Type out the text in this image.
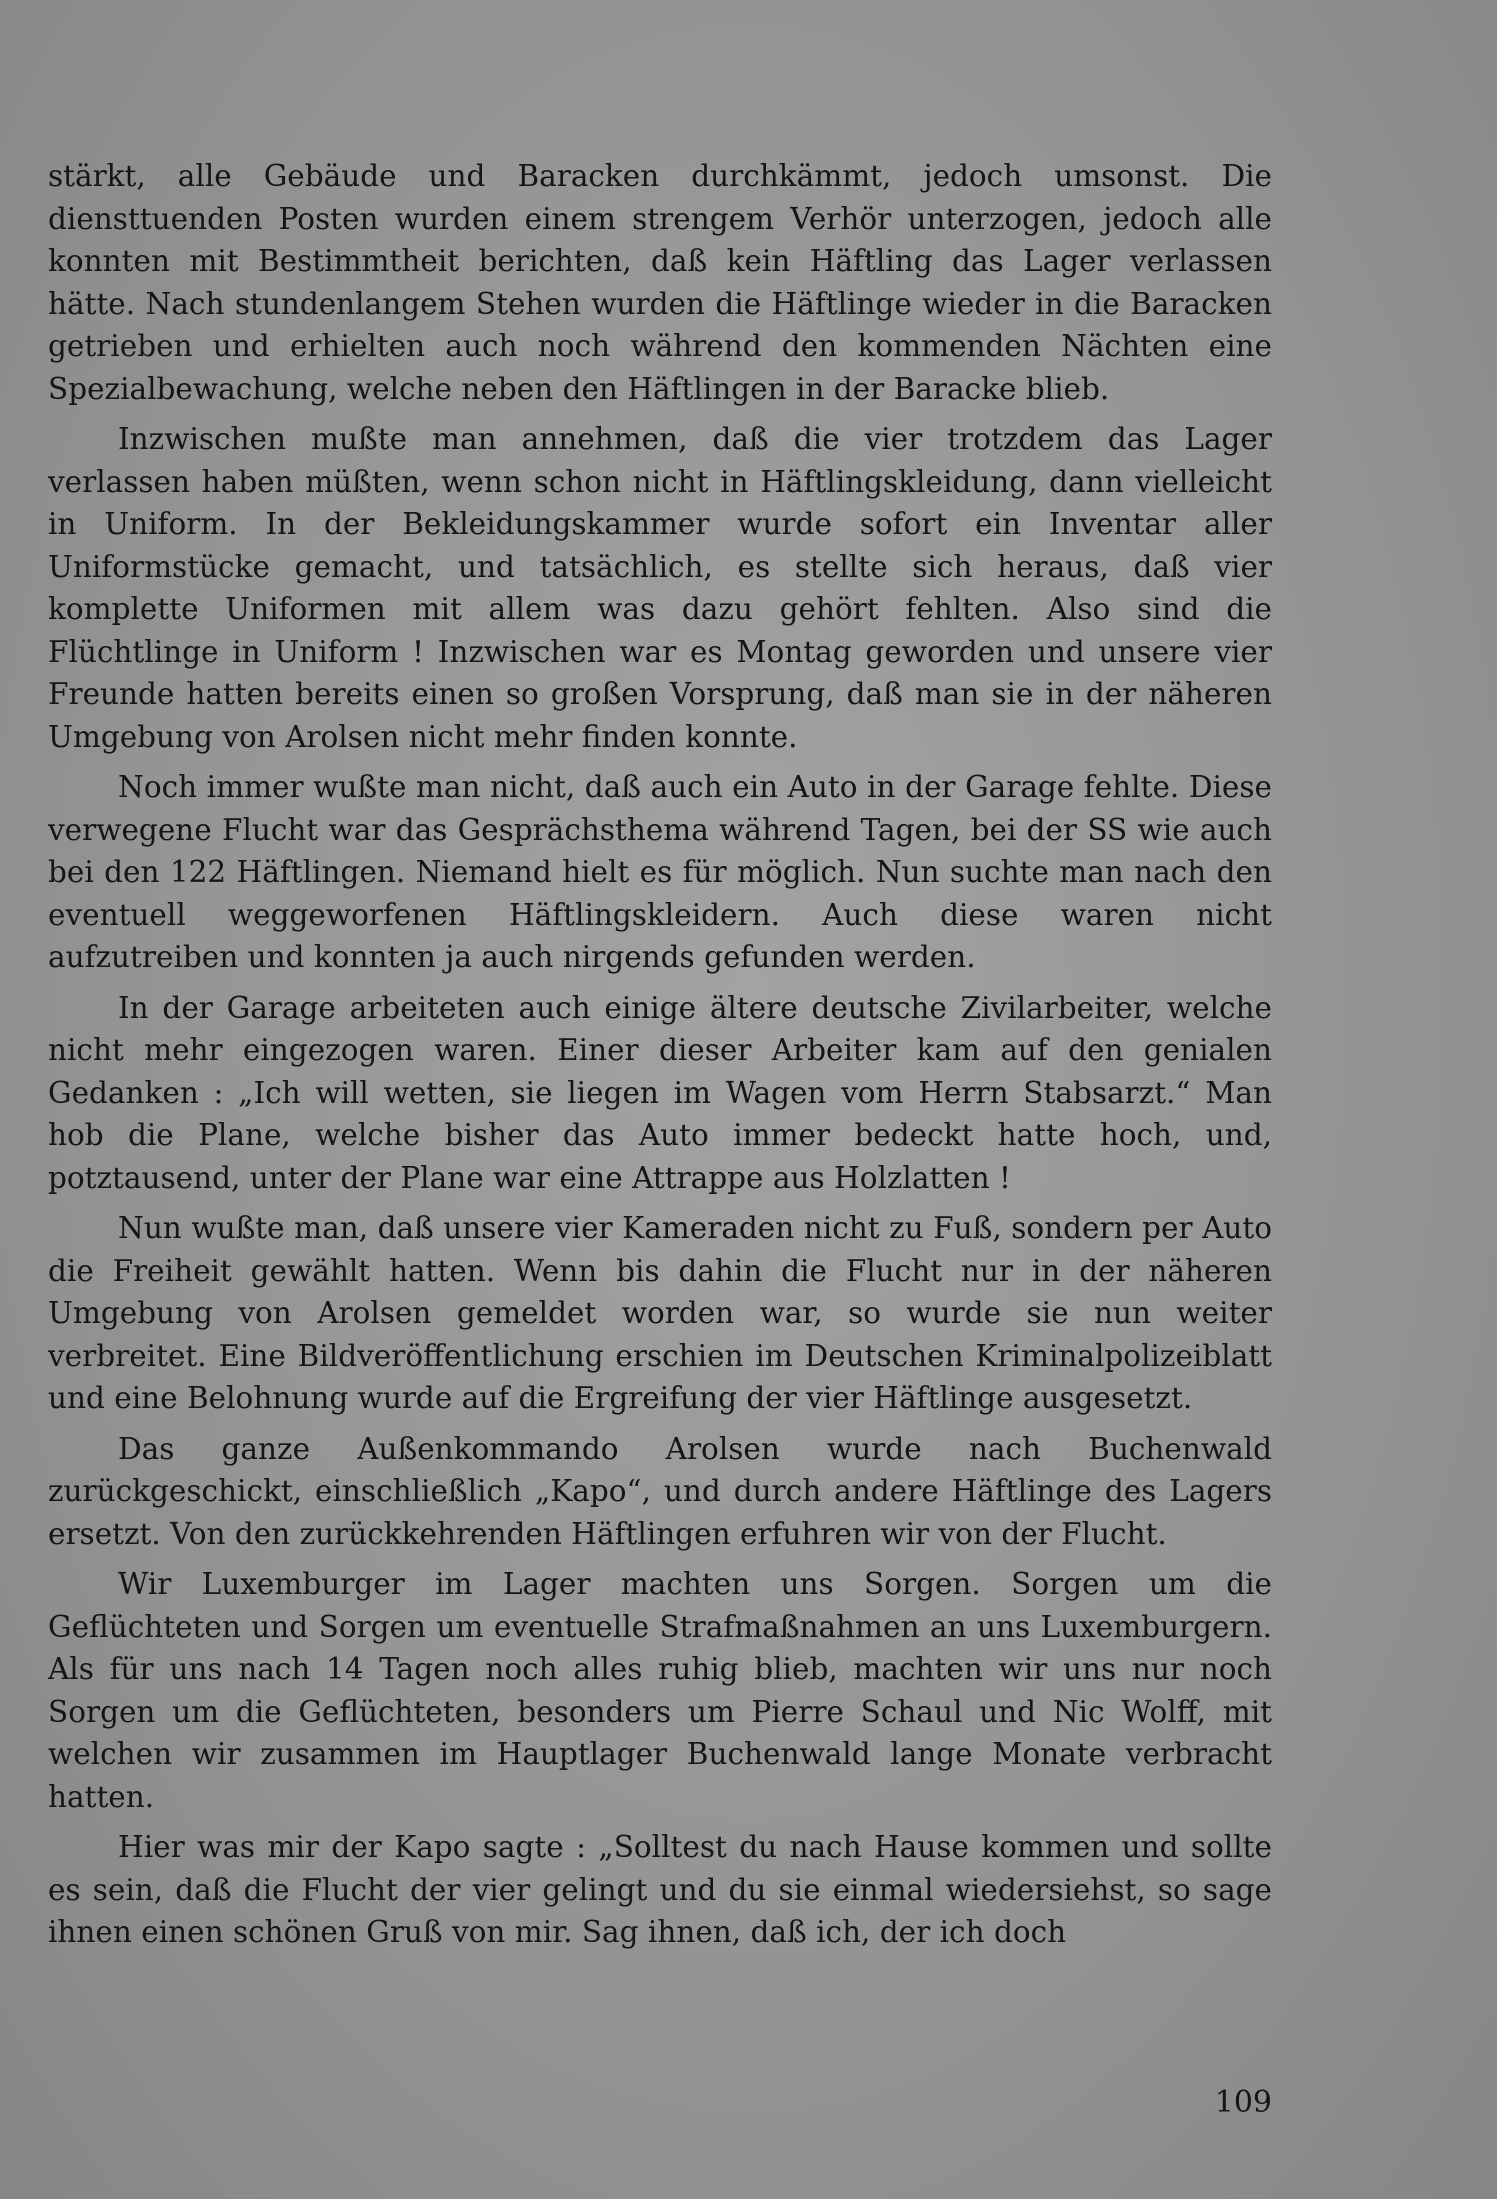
stärkt, alle Gebäude und Baracken durchkämmt, jedoch umsonst. Die diensttuenden Posten wurden einem strengem Verhör unterzogen, jedoch alle konnten mit Bestimmtheit berichten, daß kein Häftling das Lager verlassen hätte. Nach stundenlangem Stehen wurden die Häftlinge wieder in die Baracken getrieben und erhielten auch noch während den kommenden Nächten eine Spezialbewachung, welche neben den Häftlingen in der Baracke blieb.

Inzwischen mußte man annehmen, daß die vier trotzdem das Lager verlassen haben müßten, wenn schon nicht in Häftlingskleidung, dann vielleicht in Uniform. In der Bekleidungskammer wurde sofort ein Inventar aller Uniformstücke gemacht, und tatsächlich, es stellte sich heraus, daß vier komplette Uniformen mit allem was dazu gehört fehlten. Also sind die Flüchtlinge in Uniform ! Inzwischen war es Montag geworden und unsere vier Freunde hatten bereits einen so großen Vorsprung, daß man sie in der näheren Umgebung von Arolsen nicht mehr finden konnte.

Noch immer wußte man nicht, daß auch ein Auto in der Garage fehlte. Diese verwegene Flucht war das Gesprächsthema während Tagen, bei der SS wie auch bei den 122 Häftlingen. Niemand hielt es für möglich. Nun suchte man nach den eventuell weggeworfenen Häftlingskleidern. Auch diese waren nicht aufzutreiben und konnten ja auch nirgends gefunden werden.

In der Garage arbeiteten auch einige ältere deutsche Zivilarbeiter, welche nicht mehr eingezogen waren. Einer dieser Arbeiter kam auf den genialen Gedanken : „Ich will wetten, sie liegen im Wagen vom Herrn Stabsarzt.“ Man hob die Plane, welche bisher das Auto immer bedeckt hatte hoch, und, potztausend, unter der Plane war eine Attrappe aus Holzlatten !

Nun wußte man, daß unsere vier Kameraden nicht zu Fuß, sondern per Auto die Freiheit gewählt hatten. Wenn bis dahin die Flucht nur in der näheren Umgebung von Arolsen gemeldet worden war, so wurde sie nun weiter verbreitet. Eine Bildveröffentlichung erschien im Deutschen Kriminalpolizeiblatt und eine Belohnung wurde auf die Ergreifung der vier Häftlinge ausgesetzt.

Das ganze Außenkommando Arolsen wurde nach Buchenwald zurückgeschickt, einschließlich „Kapo“, und durch andere Häftlinge des Lagers ersetzt. Von den zurückkehrenden Häftlingen erfuhren wir von der Flucht.

Wir Luxemburger im Lager machten uns Sorgen. Sorgen um die Geflüchteten und Sorgen um eventuelle Strafmaßnahmen an uns Luxemburgern. Als für uns nach 14 Tagen noch alles ruhig blieb, machten wir uns nur noch Sorgen um die Geflüchteten, besonders um Pierre Schaul und Nic Wolff, mit welchen wir zusammen im Hauptlager Buchenwald lange Monate verbracht hatten.

Hier was mir der Kapo sagte : „Solltest du nach Hause kommen und sollte es sein, daß die Flucht der vier gelingt und du sie einmal wiedersiehst, so sage ihnen einen schönen Gruß von mir. Sag ihnen, daß ich, der ich doch

109
